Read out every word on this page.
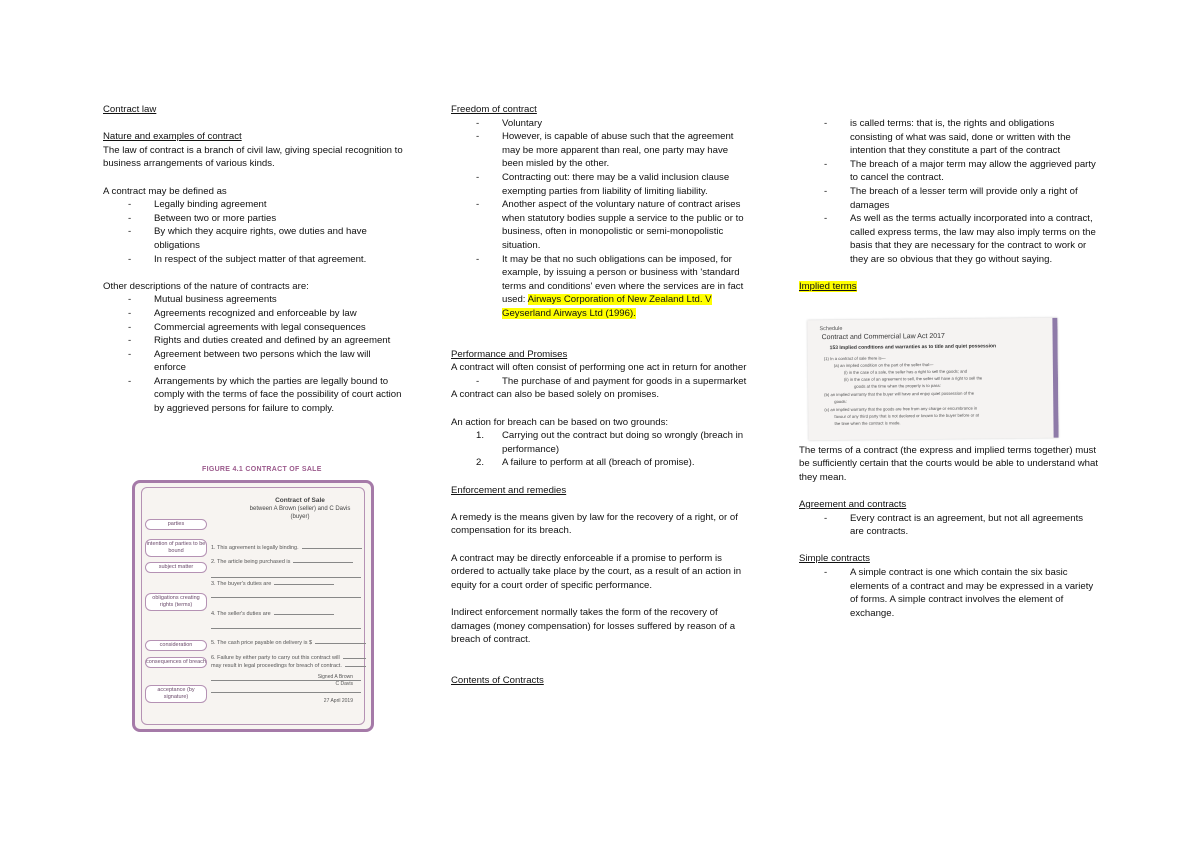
Contract law

Nature and examples of contract

The law of contract is a branch of civil law, giving special recognition to business arrangements of various kinds.

A contract may be defined as

- Legally binding agreement
- Between two or more parties
- By which they acquire rights, owe duties and have obligations
- In respect of the subject matter of that agreement.

Other descriptions of the nature of contracts are:

- Mutual business agreements
- Agreements recognized and enforceable by law
- Commercial agreements with legal consequences
- Rights and duties created and defined by an agreement
- Agreement between two persons which the law will enforce
- Arrangements by which the parties are legally bound to comply with the terms of face the possibility of court action by aggrieved persons for failure to comply.
FIGURE 4.1 CONTRACT OF SALE
Contract of Sale
between A Brown (seller) and C Davis (buyer)
parties
intention of parties to be bound
subject matter
obligations creating rights (terms)
consideration
consequences of breach
acceptance (by signature)
1. This agreement is legally binding.
2. The article being purchased is
3. The buyer's duties are
4. The seller's duties are
5. The cash price payable on delivery is $
6. Failure by either party to carry out this contract will
may result in legal proceedings for breach of contract.
Signed A Brown
C Davis
27 April 2019

Freedom of contract

- Voluntary
- However, is capable of abuse such that the agreement may be more apparent than real, one party may have been misled by the other.
- Contracting out: there may be a valid inclusion clause exempting parties from liability of limiting liability.
- Another aspect of the voluntary nature of contract arises when statutory bodies supple a service to the public or to business, often in monopolistic or semi-monopolistic situation.
- It may be that no such obligations can be imposed, for example, by issuing a person or business with 'standard terms and conditions' even where the services are in fact used: Airways Corporation of New Zealand Ltd. V Geyserland Airways Ltd (1996).

Performance and Promises

A contract will often consist of performing one act in return for another

- The purchase of and payment for goods in a supermarket

A contract can also be based solely on promises.

An action for breach can be based on two grounds:

1. Carrying out the contract but doing so wrongly (breach in performance)
2. A failure to perform at all (breach of promise).

Enforcement and remedies

A remedy is the means given by law for the recovery of a right, or of compensation for its breach.

A contract may be directly enforceable if a promise to perform is ordered to actually take place by the court, as a result of an action in equity for a court order of specific performance.

Indirect enforcement normally takes the form of the recovery of damages (money compensation) for losses suffered by reason of a breach of contract.

Contents of Contracts

- is called terms: that is, the rights and obligations consisting of what was said, done or written with the intention that they constitute a part of the contract
- The breach of a major term may allow the aggrieved party to cancel the contract.
- The breach of a lesser term will provide only a right of damages
- As well as the terms actually incorporated into a contract, called express terms, the law may also imply terms on the basis that they are necessary for the contract to work or they are so obvious that they go without saying.

Implied terms

The terms of a contract (the express and implied terms together) must be sufficiently certain that the courts would be able to understand what they mean.

Agreement and contracts

- Every contract is an agreement, but not all agreements are contracts.

Simple contracts

- A simple contract is one which contain the six basic elements of a contract and may be expressed in a variety of forms. A simple contract involves the element of exchange.
Schedule
Contract and Commercial Law Act 2017
153 Implied conditions and warranties as to title and quiet possession
(1) In a contract of sale there is—
(a) an implied condition on the part of the seller that—
(i) in the case of a sale, the seller has a right to sell the goods; and
(ii) in the case of an agreement to sell, the seller will have a right to sell the
goods at the time when the property is to pass:
(b) an implied warranty that the buyer will have and enjoy quiet possession of the
goods:
(c) an implied warranty that the goods are free from any charge or encumbrance in
favour of any third party that is not declared or known to the buyer before or at
the time when the contract is made.
